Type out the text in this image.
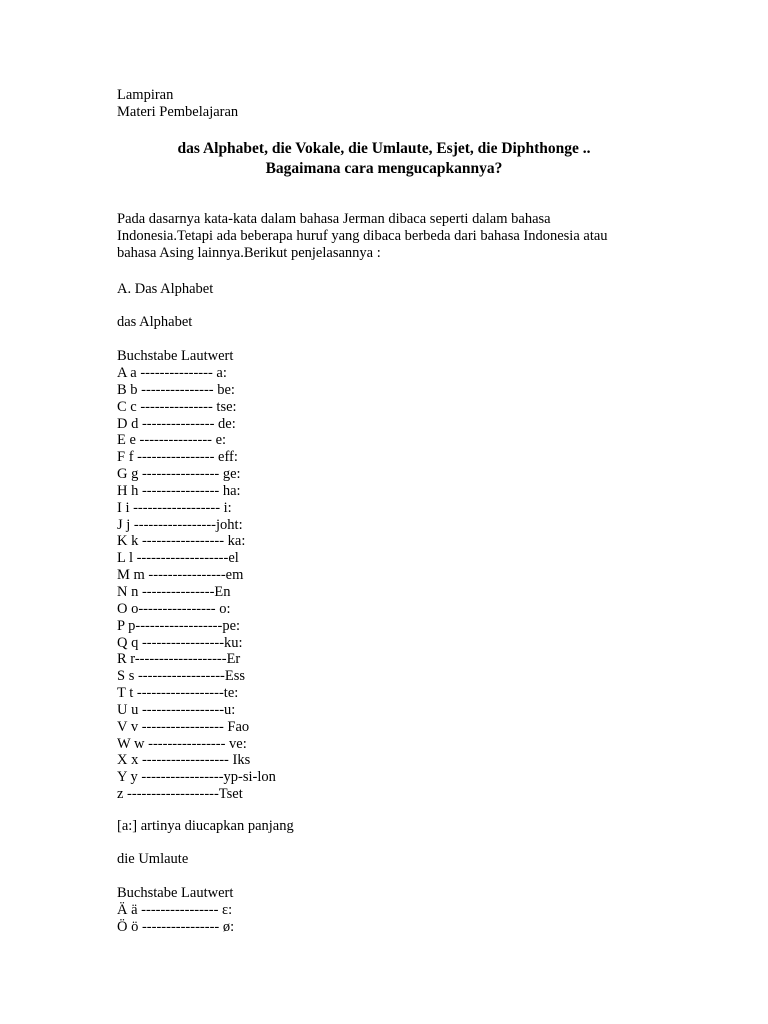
Lampiran

Materi Pembelajaran

das Alphabet, die Vokale, die Umlaute, Esjet, die Diphthonge ..

Bagaimana cara mengucapkannya?

Pada dasarnya kata-kata dalam bahasa Jerman dibaca seperti dalam bahasa
Indonesia.Tetapi ada beberapa huruf yang dibaca berbeda dari bahasa Indonesia atau
bahasa Asing lainnya.Berikut penjelasannya :

A. Das Alphabet

das Alphabet

Buchstabe Lautwert

A a --------------- a:
B b --------------- be:
C c --------------- tse:
D d --------------- de:
E e --------------- e:
F f ---------------- eff:
G g ---------------- ge:
H h ---------------- ha:
I i ------------------ i:
J j -----------------joht:
K k ----------------- ka:
L l -------------------el
M m ----------------em
N n ---------------En
O o---------------- o:
P p------------------pe:
Q q -----------------ku:
R r-------------------Er
S s ------------------Ess
T t ------------------te:
U u -----------------u:
V v ----------------- Fao
W w ---------------- ve:
X x ------------------ Iks
Y y -----------------yp-si-lon
z -------------------Tset

[a:] artinya diucapkan panjang

die Umlaute

Buchstabe Lautwert

Ä ä ---------------- ε:
Ö ö ---------------- ø:
